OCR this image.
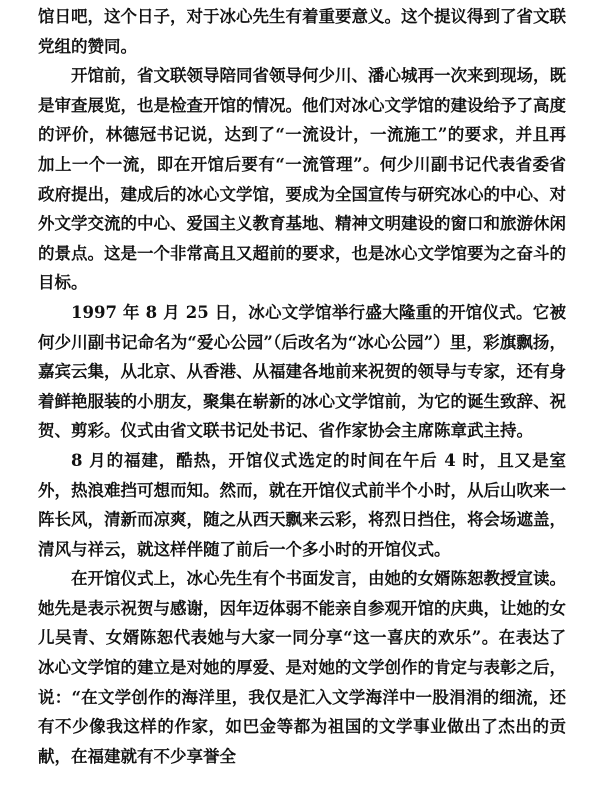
馆日吧，这个日子，对于冰心先生有着重要意义。这个提议得到了省文联党组的赞同。

开馆前，省文联领导陪同省领导何少川、潘心城再一次来到现场，既是审查展览，也是检查开馆的情况。他们对冰心文学馆的建设给予了高度的评价，林德冠书记说，达到了“一流设计，一流施工”的要求，并且再加上一个一流，即在开馆后要有“一流管理”。何少川副书记代表省委省政府提出，建成后的冰心文学馆，要成为全国宣传与研究冰心的中心、对外文学交流的中心、爱国主义教育基地、精神文明建设的窗口和旅游休闲的景点。这是一个非常高且又超前的要求，也是冰心文学馆要为之奋斗的目标。

1997 年 8 月 25 日，冰心文学馆举行盛大隆重的开馆仪式。它被何少川副书记命名为“爱心公园”（后改名为“冰心公园”）里，彩旗飘扬，嘉宾云集，从北京、从香港、从福建各地前来祝贺的领导与专家，还有身着鲜艳服装的小朋友，聚集在崭新的冰心文学馆前，为它的诞生致辞、祝贺、剪彩。仪式由省文联书记处书记、省作家协会主席陈章武主持。

8 月的福建，酷热，开馆仪式选定的时间在午后 4 时，且又是室外，热浪难挡可想而知。然而，就在开馆仪式前半个小时，从后山吹来一阵长风，清新而凉爽，随之从西天飘来云彩，将烈日挡住，将会场遮盖，清风与祥云，就这样伴随了前后一个多小时的开馆仪式。

在开馆仪式上，冰心先生有个书面发言，由她的女婿陈恕教授宣读。她先是表示祝贺与感谢，因年迈体弱不能亲自参观开馆的庆典，让她的女儿吴青、女婿陈恕代表她与大家一同分享“这一喜庆的欢乐”。在表达了冰心文学馆的建立是对她的厚爱、是对她的文学创作的肯定与表彰之后，说：“在文学创作的海洋里，我仅是汇入文学海洋中一股涓涓的细流，还有不少像我这样的作家，如巴金等都为祖国的文学事业做出了杰出的贡献，在福建就有不少享誉全
